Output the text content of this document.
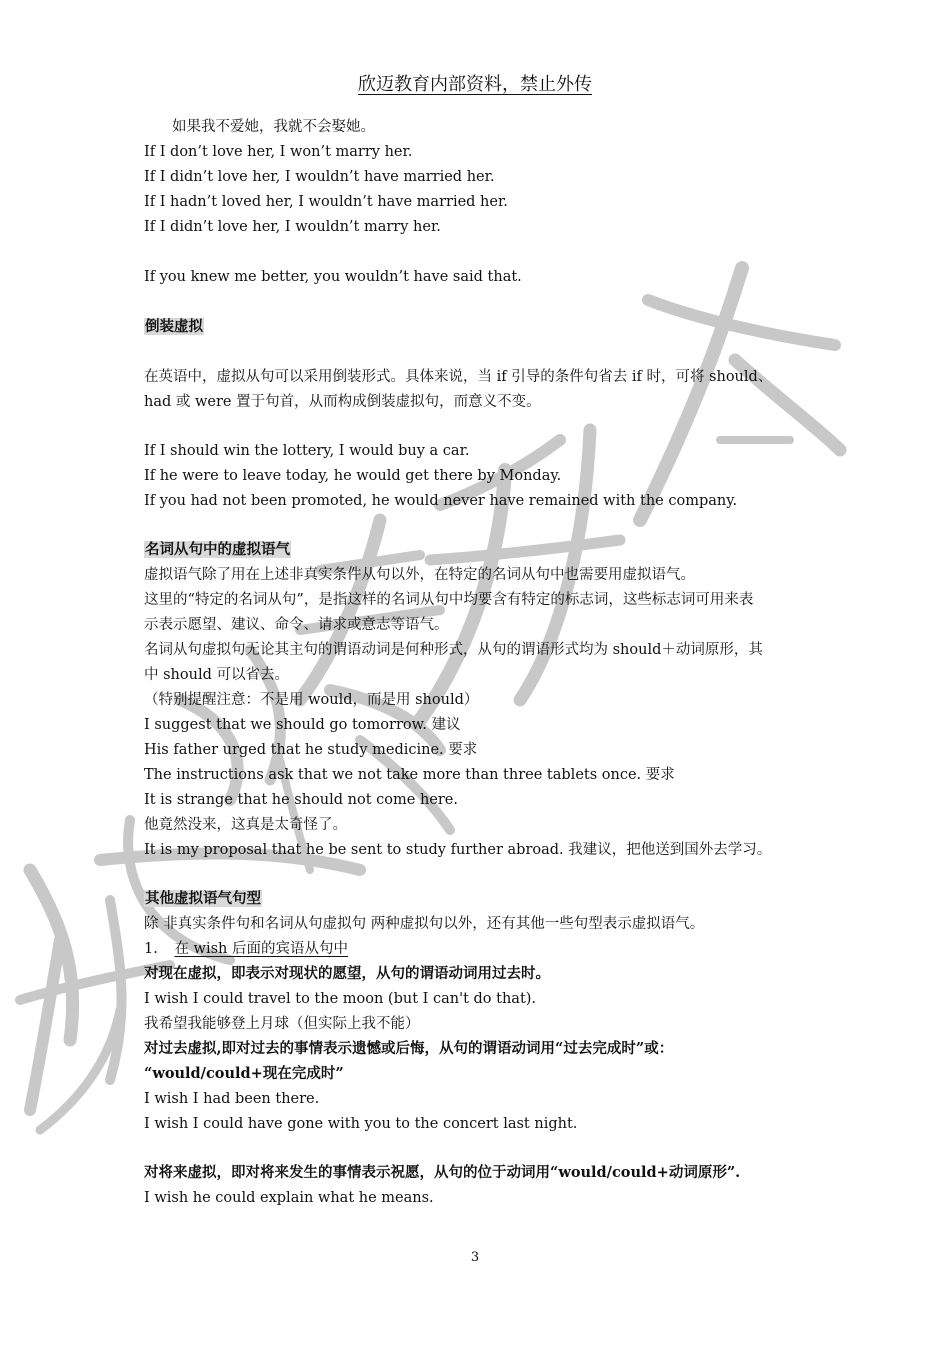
欣迈教育内部资料，禁止外传
如果我不爱她，我就不会娶她。
If I don’t love her, I won’t marry her.
If I didn’t love her, I wouldn’t have married her.
If I hadn’t loved her, I wouldn’t have married her.
If I didn’t love her, I wouldn’t marry her.
If you knew me better, you wouldn’t have said that.
倒装虚拟
在英语中，虚拟从句可以采用倒装形式。具体来说，当 if 引导的条件句省去 if 时，可将 should、
had 或 were 置于句首，从而构成倒装虚拟句，而意义不变。
If I should win the lottery, I would buy a car.
If he were to leave today, he would get there by Monday.
If you had not been promoted, he would never have remained with the company.
名词从句中的虚拟语气
虚拟语气除了用在上述非真实条件从句以外，在特定的名词从句中也需要用虚拟语气。
这里的“特定的名词从句”，是指这样的名词从句中均要含有特定的标志词，这些标志词可用来表
示表示愿望、建议、命令、请求或意志等语气。
名词从句虚拟句无论其主句的谓语动词是何种形式，从句的谓语形式均为 should＋动词原形，其
中 should 可以省去。
（特别提醒注意：不是用 would，而是用 should）
I suggest that we should go tomorrow. 建议
His father urged that he study medicine. 要求
The instructions ask that we not take more than three tablets once. 要求
It is strange that he should not come here.
他竟然没来，这真是太奇怪了。
It is my proposal that he be sent to study further abroad. 我建议，把他送到国外去学习。
其他虚拟语气句型
除 非真实条件句和名词从句虚拟句 两种虚拟句以外，还有其他一些句型表示虚拟语气。
1. 在 wish 后面的宾语从句中
对现在虚拟，即表示对现状的愿望，从句的谓语动词用过去时。
I wish I could travel to the moon (but I can't do that).
我希望我能够登上月球（但实际上我不能）
对过去虚拟,即对过去的事情表示遗憾或后悔，从句的谓语动词用“过去完成时”或：
“would/could+现在完成时”
I wish I had been there.
I wish I could have gone with you to the concert last night.
对将来虚拟，即对将来发生的事情表示祝愿，从句的位于动词用“would/could+动词原形”.
I wish he could explain what he means.
3
